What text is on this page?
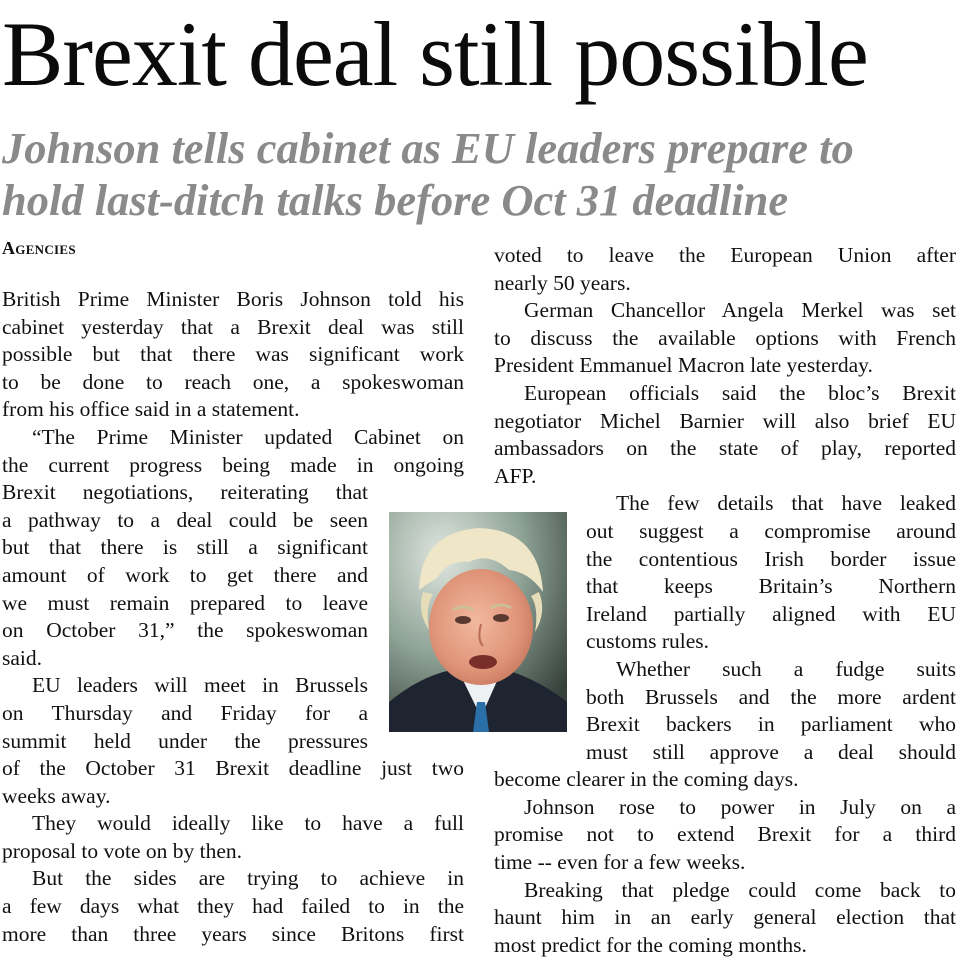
Brexit deal still possible
Johnson tells cabinet as EU leaders prepare to
hold last-ditch talks before Oct 31 deadline
Agencies
British Prime Minister Boris Johnson told his
cabinet yesterday that a Brexit deal was still
possible but that there was significant work
to be done to reach one, a spokeswoman
from his office said in a statement.
“The Prime Minister updated Cabinet on
the current progress being made in ongoing
Brexit negotiations, reiterating that
a pathway to a deal could be seen
but that there is still a significant
amount of work to get there and
we must remain prepared to leave
on October 31,” the spokeswoman
said.
EU leaders will meet in Brussels
on Thursday and Friday for a
summit held under the pressures
of the October 31 Brexit deadline just two
weeks away.
They would ideally like to have a full
proposal to vote on by then.
But the sides are trying to achieve in
a few days what they had failed to in the
more than three years since Britons first
voted to leave the European Union after
nearly 50 years.
German Chancellor Angela Merkel was set
to discuss the available options with French
President Emmanuel Macron late yesterday.
European officials said the bloc’s Brexit
negotiator Michel Barnier will also brief EU
ambassadors on the state of play, reported
AFP.
The few details that have leaked
out suggest a compromise around
the contentious Irish border issue
that keeps Britain’s Northern
Ireland partially aligned with EU
customs rules.
Whether such a fudge suits
both Brussels and the more ardent
Brexit backers in parliament who
must still approve a deal should
become clearer in the coming days.
Johnson rose to power in July on a
promise not to extend Brexit for a third
time -- even for a few weeks.
Breaking that pledge could come back to
haunt him in an early general election that
most predict for the coming months.
